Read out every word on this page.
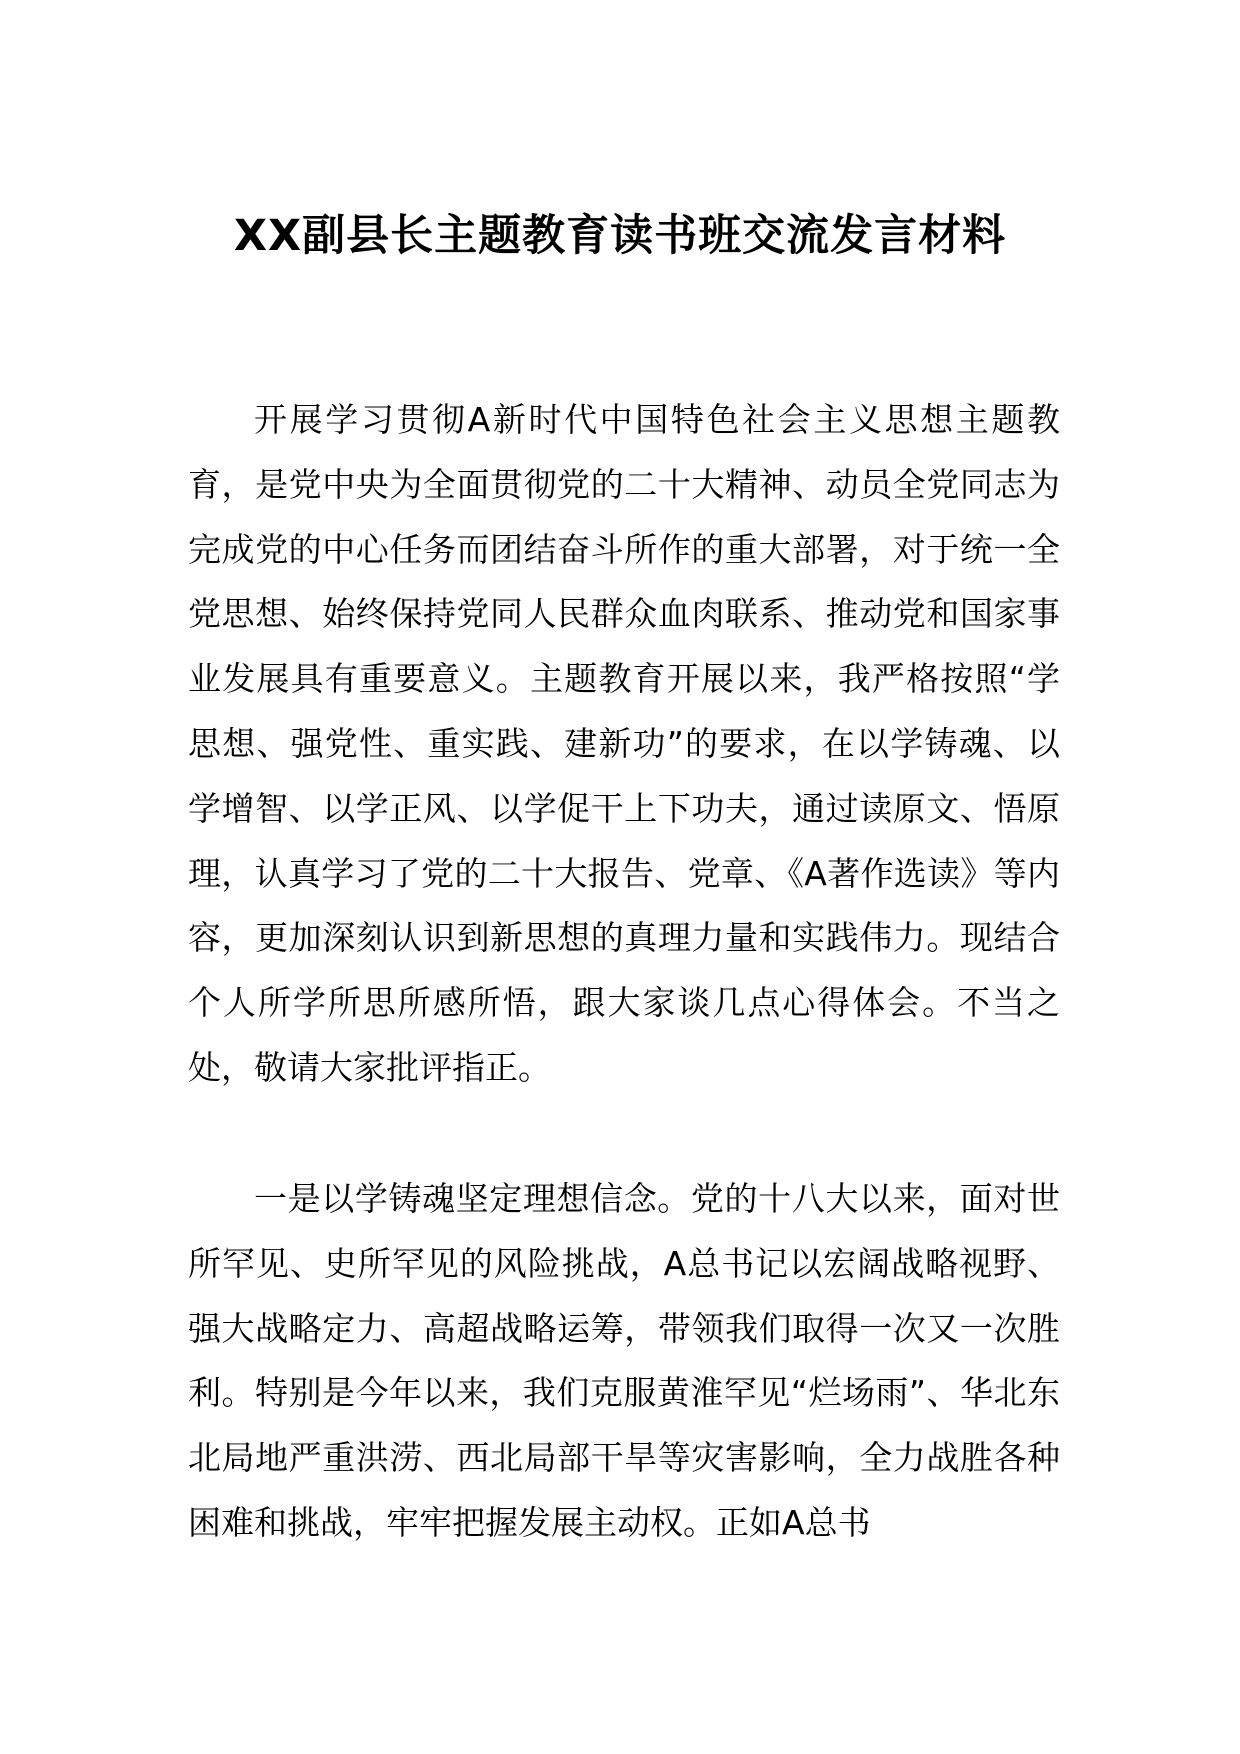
XX副县长主题教育读书班交流发言材料

开展学习贯彻A新时代中国特色社会主义思想主题教育，是党中央为全面贯彻党的二十大精神、动员全党同志为完成党的中心任务而团结奋斗所作的重大部署，对于统一全党思想、始终保持党同人民群众血肉联系、推动党和国家事业发展具有重要意义。主题教育开展以来，我严格按照“学思想、强党性、重实践、建新功”的要求，在以学铸魂、以学增智、以学正风、以学促干上下功夫，通过读原文、悟原理，认真学习了党的二十大报告、党章、《A著作选读》等内容，更加深刻认识到新思想的真理力量和实践伟力。现结合个人所学所思所感所悟，跟大家谈几点心得体会。不当之处，敬请大家批评指正。

一是以学铸魂坚定理想信念。党的十八大以来，面对世所罕见、史所罕见的风险挑战，A总书记以宏阔战略视野、强大战略定力、高超战略运筹，带领我们取得一次又一次胜利。特别是今年以来，我们克服黄淮罕见“烂场雨”、华北东北局地严重洪涝、西北局部干旱等灾害影响，全力战胜各种困难和挑战，牢牢把握发展主动权。正如A总书
